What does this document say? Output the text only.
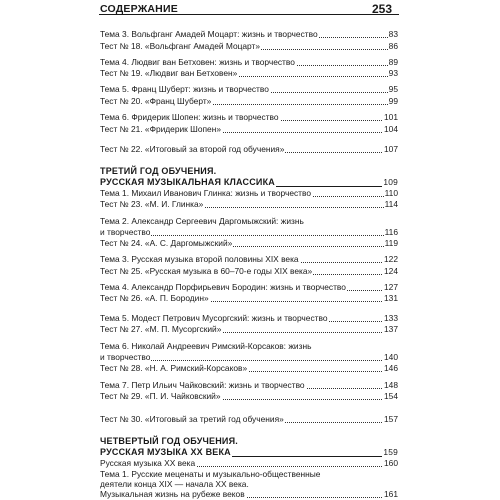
СОДЕРЖАНИЕ	253
Тема 3. Вольфганг Амадей Моцарт: жизнь и творчество	83
Тест № 18. «Вольфганг Амадей Моцарт»	86
Тема 4. Людвиг ван Бетховен: жизнь и творчество	89
Тест № 19. «Людвиг ван Бетховен»	93
Тема 5. Франц Шуберт: жизнь и творчество	95
Тест № 20. «Франц Шуберт»	99
Тема 6. Фридерик Шопен: жизнь и творчество	101
Тест № 21. «Фридерик Шопен»	104
Тест № 22. «Итоговый за второй год обучения»	107
ТРЕТИЙ ГОД ОБУЧЕНИЯ.
РУССКАЯ МУЗЫКАЛЬНАЯ КЛАССИКА	109
Тема 1. Михаил Иванович Глинка: жизнь и творчество	110
Тест № 23. «М. И. Глинка»	114
Тема 2. Александр Сергеевич Даргомыжский: жизнь
и творчество	116
Тест № 24. «А. С. Даргомыжский»	119
Тема 3. Русская музыка второй половины XIX века	122
Тест № 25. «Русская музыка в 60–70-е годы XIX века»	124
Тема 4. Александр Порфирьевич Бородин: жизнь и творчество	127
Тест № 26. «А. П. Бородин»	131
Тема 5. Модест Петрович Мусоргский: жизнь и творчество	133
Тест № 27. «М. П. Мусоргский»	137
Тема 6. Николай Андреевич Римский-Корсаков: жизнь
и творчество	140
Тест № 28. «Н. А. Римский-Корсаков»	146
Тема 7. Петр Ильич Чайковский: жизнь и творчество	148
Тест № 29. «П. И. Чайковский»	154
Тест № 30. «Итоговый за третий год обучения»	157
ЧЕТВЕРТЫЙ ГОД ОБУЧЕНИЯ.
РУССКАЯ МУЗЫКА XX ВЕКА	159
Русская музыка XX века	160
Тема 1. Русские меценаты и музыкально-общественные
деятели конца XIX — начала XX века.
Музыкальная жизнь на рубеже веков	161
